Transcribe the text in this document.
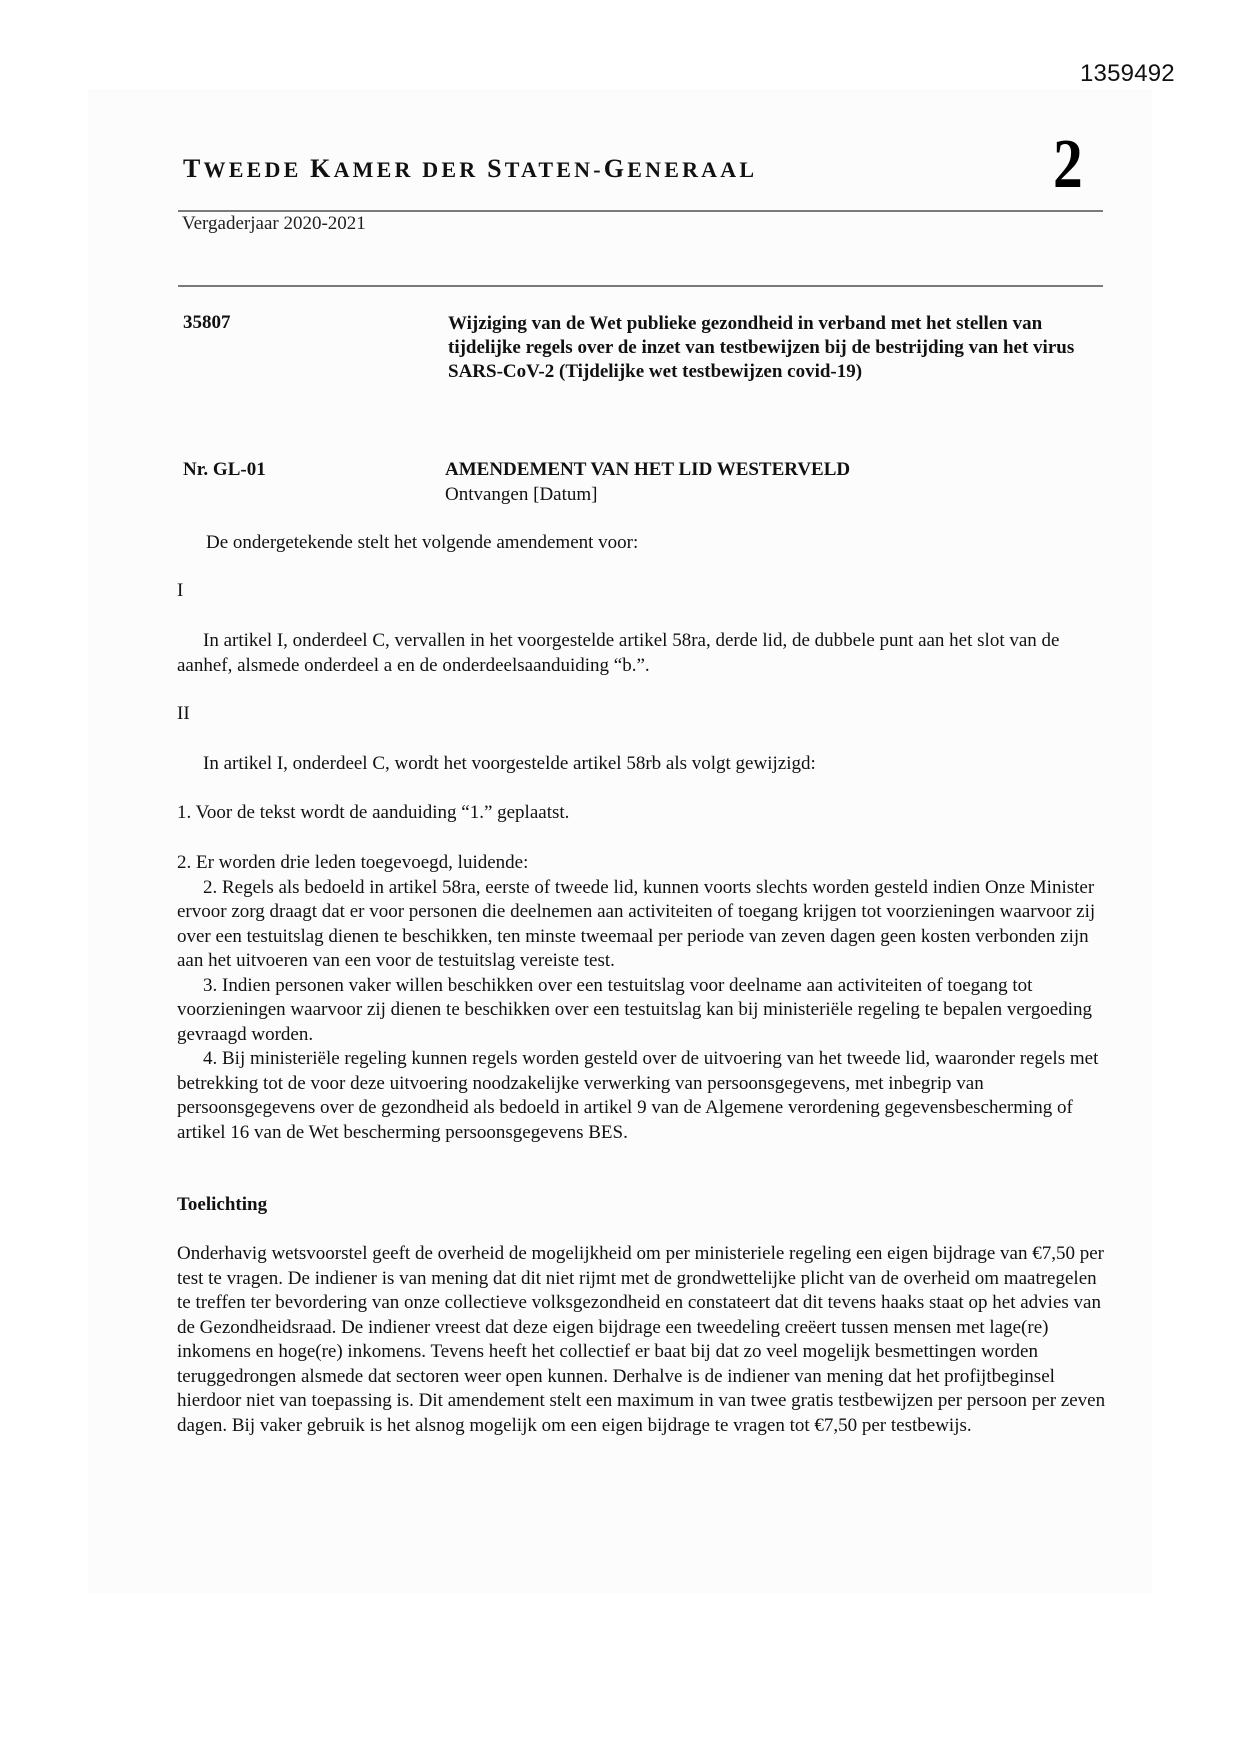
1359492
TWEEDE KAMER DER STATEN-GENERAAL	2
Vergaderjaar 2020-2021
35807	Wijziging van de Wet publieke gezondheid in verband met het stellen van tijdelijke regels over de inzet van testbewijzen bij de bestrijding van het virus SARS-CoV-2 (Tijdelijke wet testbewijzen covid-19)
Nr. GL-01	AMENDEMENT VAN HET LID WESTERVELD
Ontvangen [Datum]
De ondergetekende stelt het volgende amendement voor:
I

In artikel I, onderdeel C, vervallen in het voorgestelde artikel 58ra, derde lid, de dubbele punt aan het slot van de aanhef, alsmede onderdeel a en de onderdeelsaanduiding “b.”.

II

In artikel I, onderdeel C, wordt het voorgestelde artikel 58rb als volgt gewijzigd:

1. Voor de tekst wordt de aanduiding “1.” geplaatst.

2. Er worden drie leden toegevoegd, luidende:

2. Regels als bedoeld in artikel 58ra, eerste of tweede lid, kunnen voorts slechts worden gesteld indien Onze Minister ervoor zorg draagt dat er voor personen die deelnemen aan activiteiten of toegang krijgen tot voorzieningen waarvoor zij over een testuitslag dienen te beschikken, ten minste tweemaal per periode van zeven dagen geen kosten verbonden zijn aan het uitvoeren van een voor de testuitslag vereiste test.

3. Indien personen vaker willen beschikken over een testuitslag voor deelname aan activiteiten of toegang tot voorzieningen waarvoor zij dienen te beschikken over een testuitslag kan bij ministeriële regeling te bepalen vergoeding gevraagd worden.

4. Bij ministeriële regeling kunnen regels worden gesteld over de uitvoering van het tweede lid, waaronder regels met betrekking tot de voor deze uitvoering noodzakelijke verwerking van persoonsgegevens, met inbegrip van persoonsgegevens over de gezondheid als bedoeld in artikel 9 van de Algemene verordening gegevensbescherming of artikel 16 van de Wet bescherming persoonsgegevens BES.

Toelichting

Onderhavig wetsvoorstel geeft de overheid de mogelijkheid om per ministeriele regeling een eigen bijdrage van €7,50 per test te vragen. De indiener is van mening dat dit niet rijmt met de grondwettelijke plicht van de overheid om maatregelen te treffen ter bevordering van onze collectieve volksgezondheid en constateert dat dit tevens haaks staat op het advies van de Gezondheidsraad. De indiener vreest dat deze eigen bijdrage een tweedeling creëert tussen mensen met lage(re) inkomens en hoge(re) inkomens. Tevens heeft het collectief er baat bij dat zo veel mogelijk besmettingen worden teruggedrongen alsmede dat sectoren weer open kunnen. Derhalve is de indiener van mening dat het profijtbeginsel hierdoor niet van toepassing is. Dit amendement stelt een maximum in van twee gratis testbewijzen per persoon per zeven dagen. Bij vaker gebruik is het alsnog mogelijk om een eigen bijdrage te vragen tot €7,50 per testbewijs.
